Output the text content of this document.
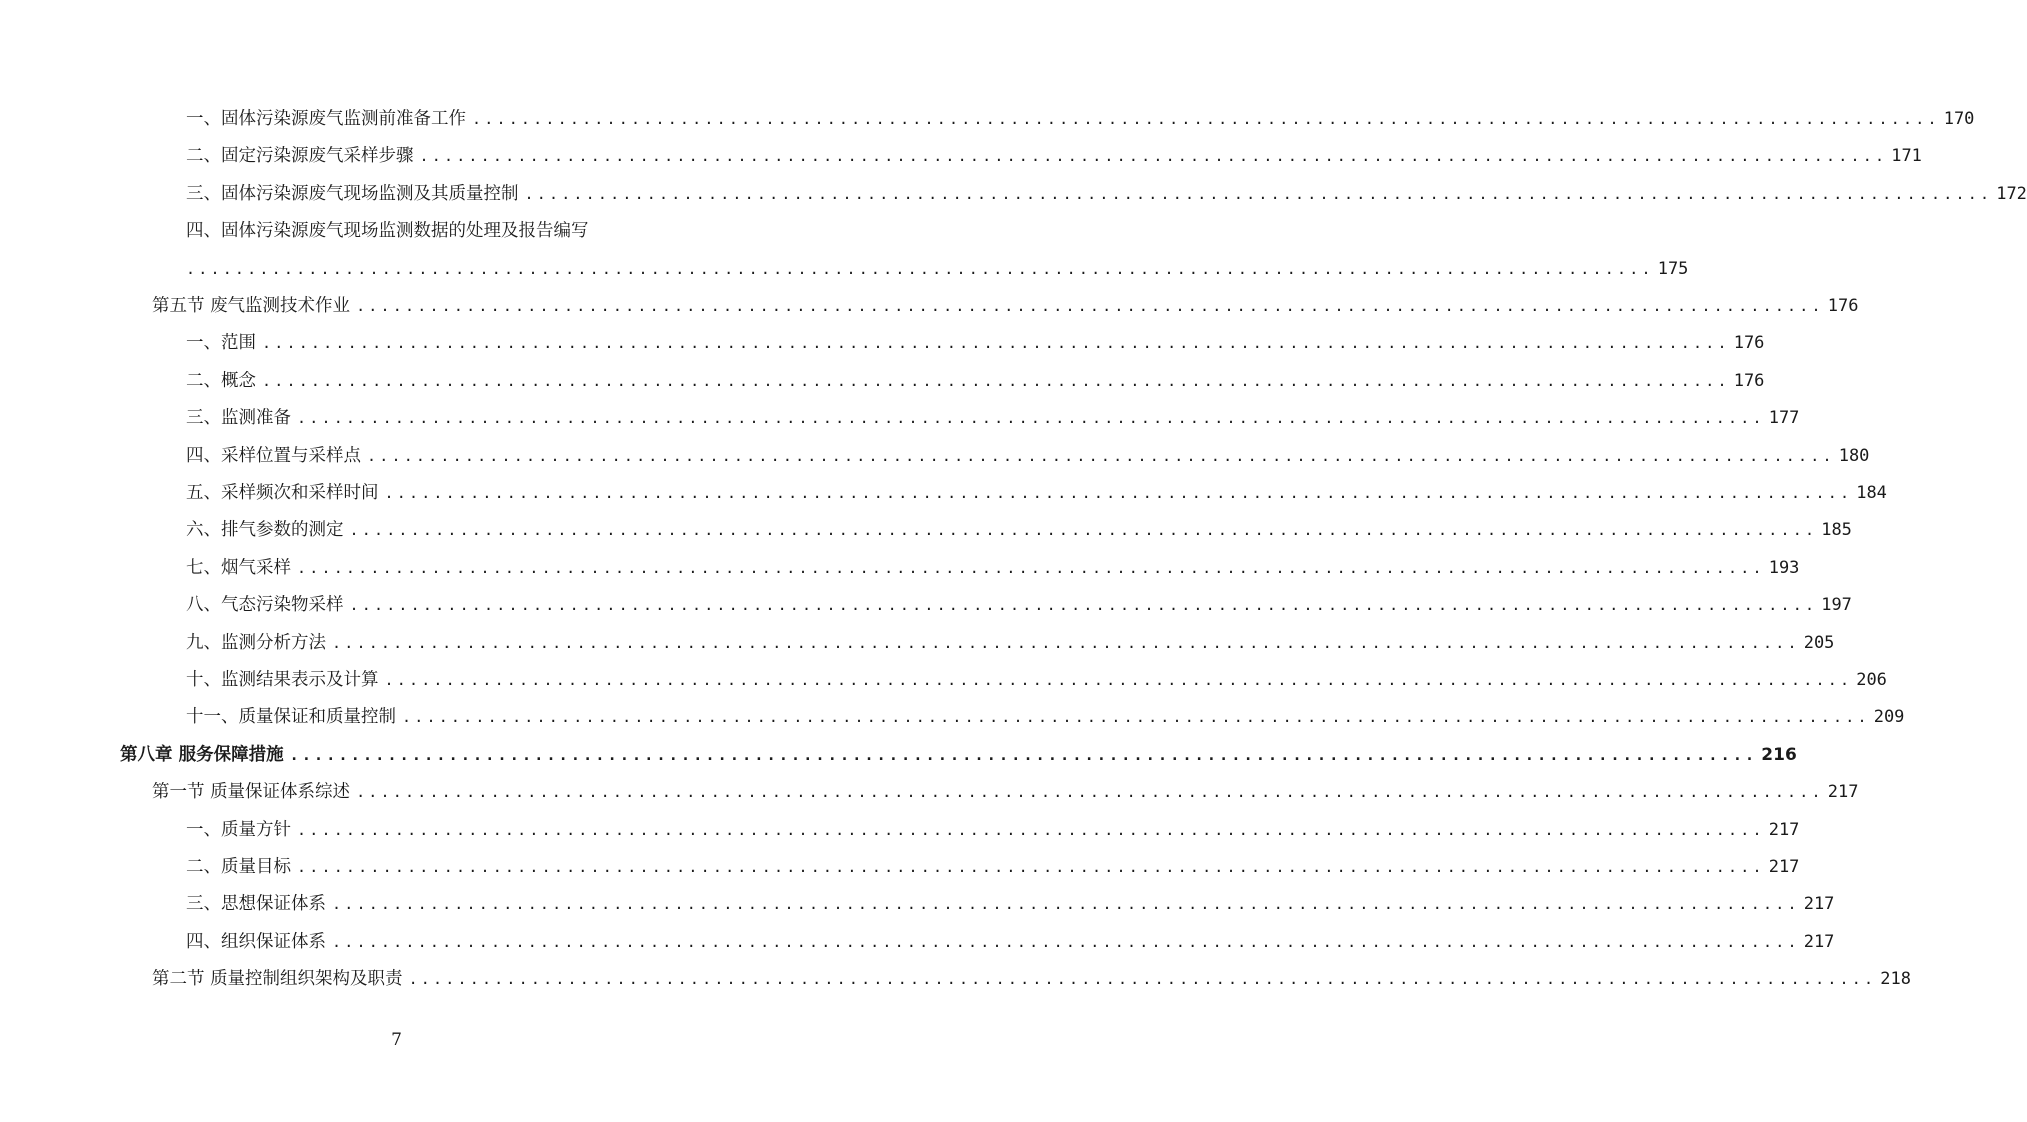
一、固体污染源废气监测前准备工作 ........................................................................................................................ 170
二、固定污染源废气采样步骤 ........................................................................................................................ 171
三、固体污染源废气现场监测及其质量控制 ........................................................................................................................ 172
四、固体污染源废气现场监测数据的处理及报告编写
........................................................................................................................ 175
第五节 废气监测技术作业 ........................................................................................................................ 176
一、范围 ........................................................................................................................ 176
二、概念 ........................................................................................................................ 176
三、监测准备 ........................................................................................................................ 177
四、采样位置与采样点 ........................................................................................................................ 180
五、采样频次和采样时间 ........................................................................................................................ 184
六、排气参数的测定 ........................................................................................................................ 185
七、烟气采样 ........................................................................................................................ 193
八、气态污染物采样 ........................................................................................................................ 197
九、监测分析方法 ........................................................................................................................ 205
十、监测结果表示及计算 ........................................................................................................................ 206
十一、质量保证和质量控制 ........................................................................................................................ 209
第八章 服务保障措施 ........................................................................................................................ 216
第一节 质量保证体系综述 ........................................................................................................................ 217
一、质量方针 ........................................................................................................................ 217
二、质量目标 ........................................................................................................................ 217
三、思想保证体系 ........................................................................................................................ 217
四、组织保证体系 ........................................................................................................................ 217
第二节 质量控制组织架构及职责 ........................................................................................................................ 218
7
